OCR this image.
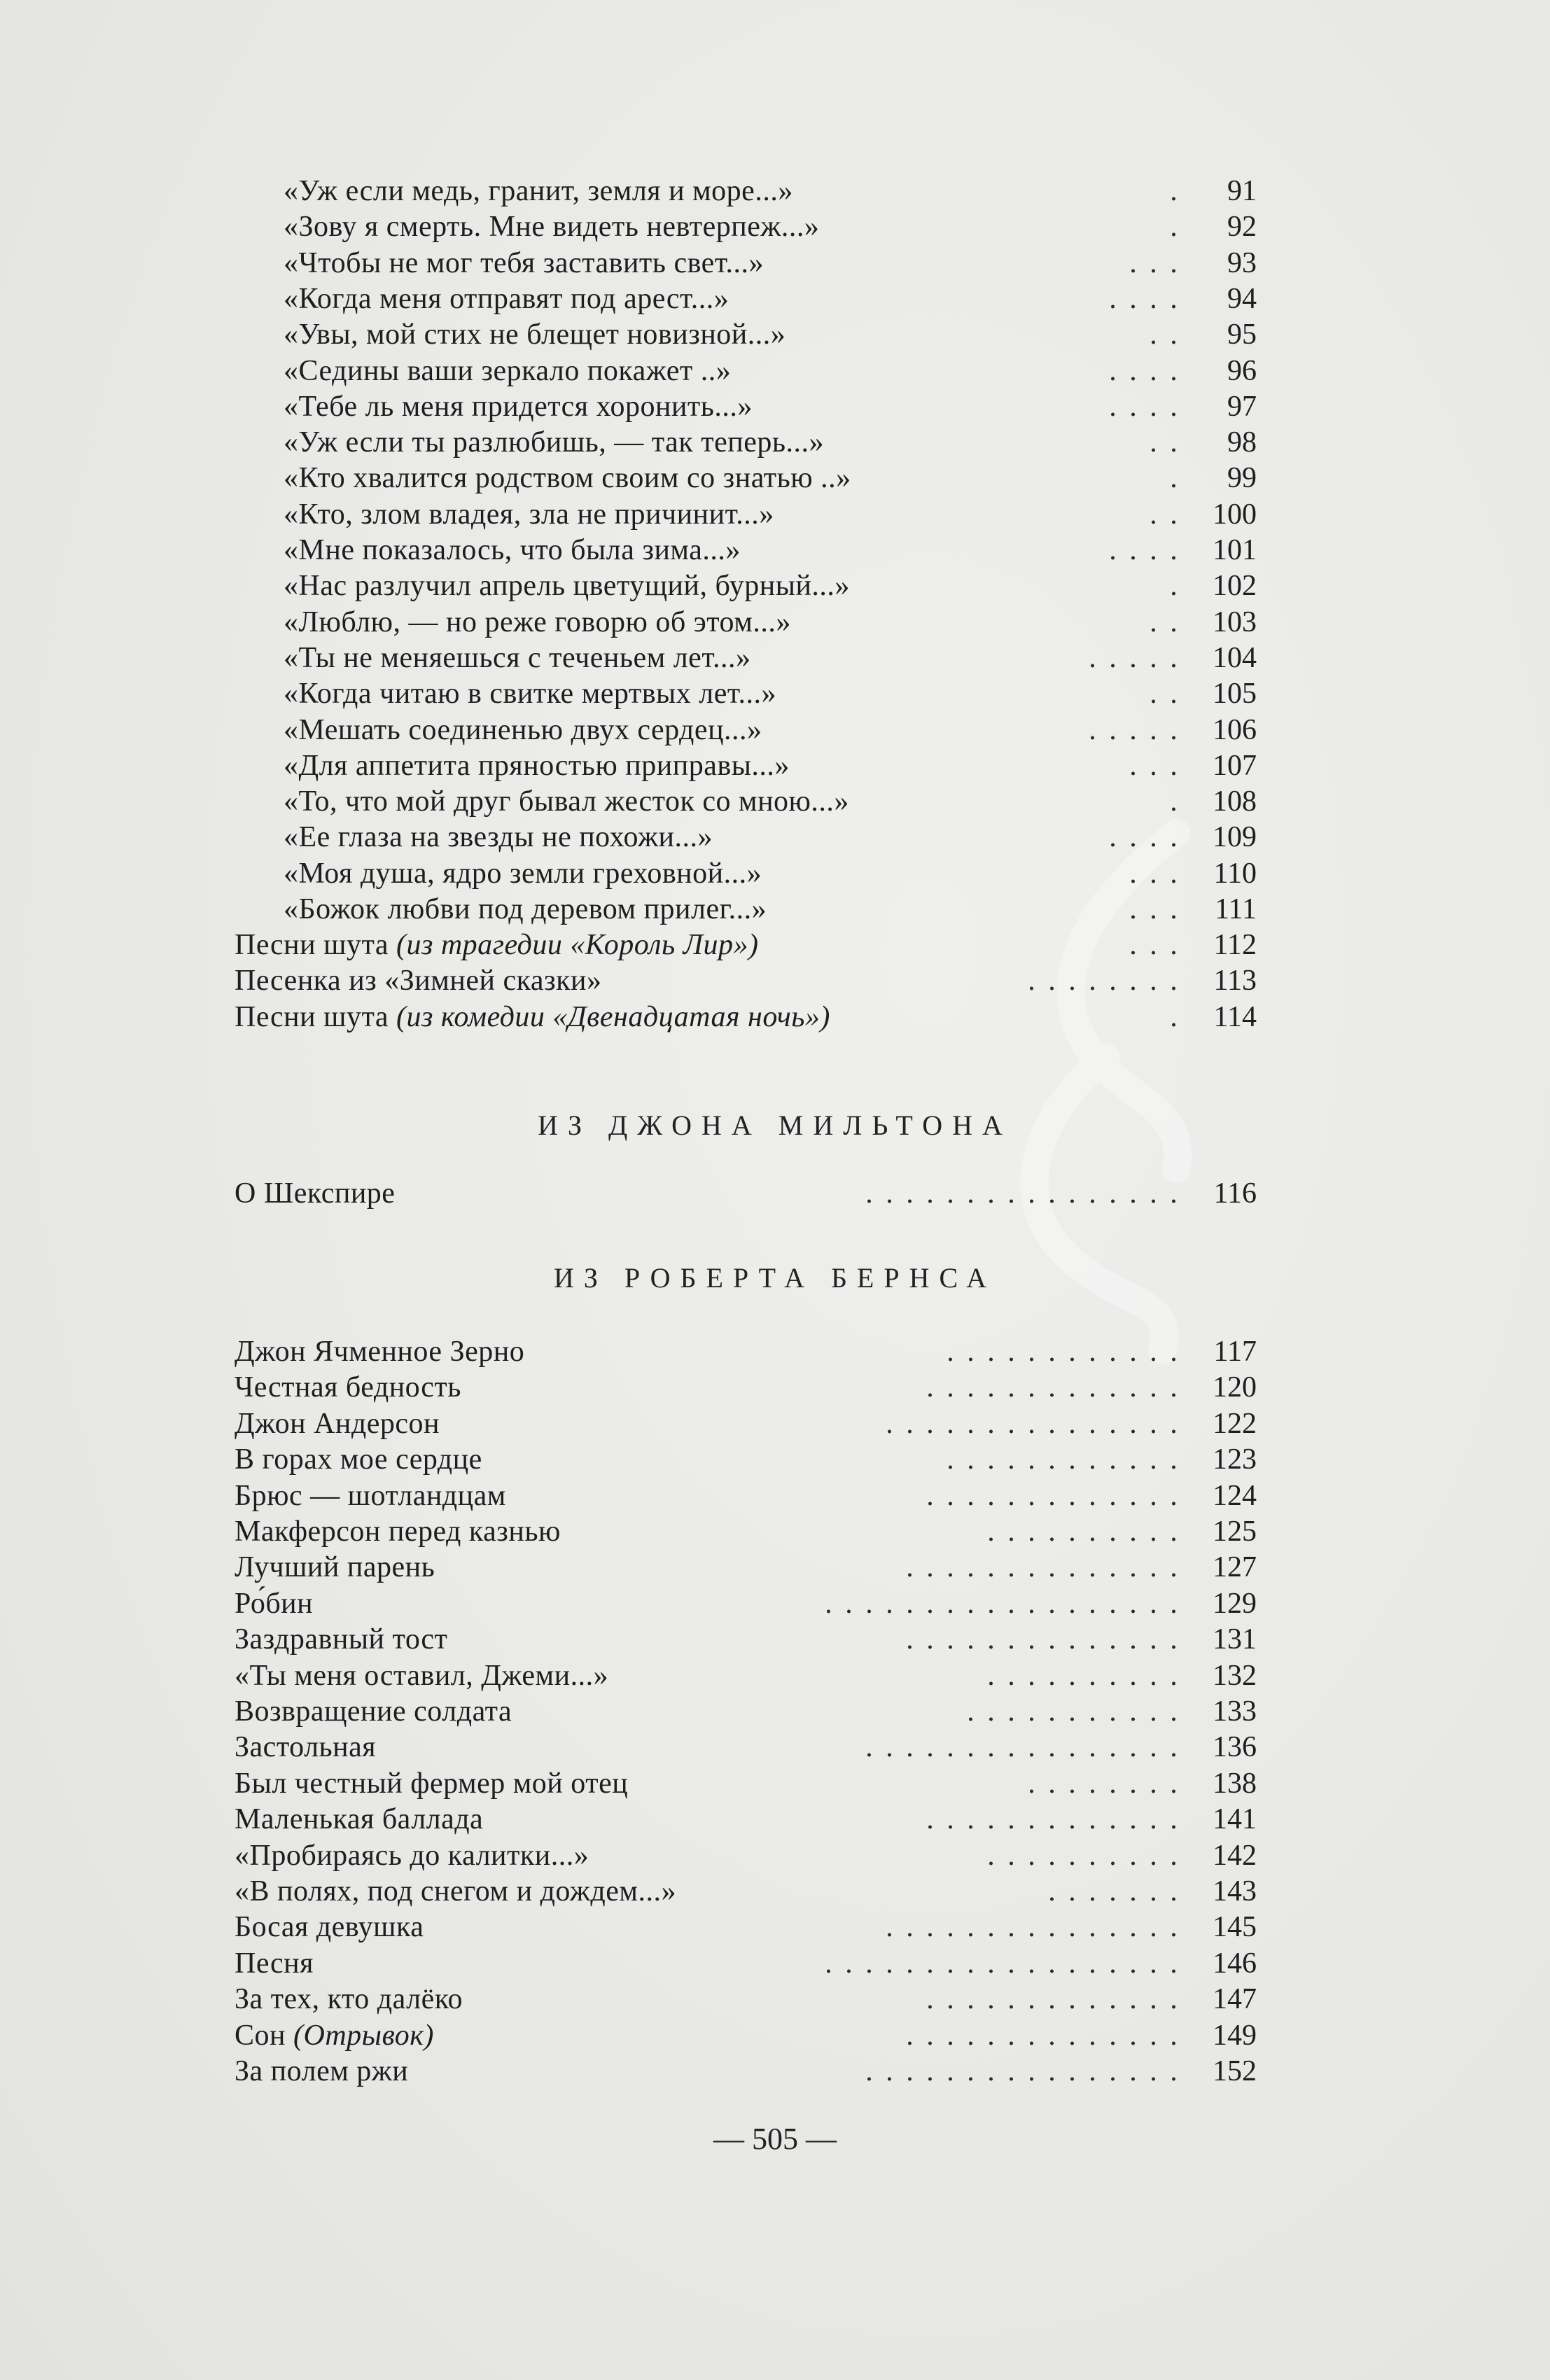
«Уж если медь, гранит, земля и море...»	.	91
«Зову я смерть. Мне видеть невтерпеж...»	.	92
«Чтобы не мог тебя заставить свет...»	. . .	93
«Когда меня отправят под арест...»	. . . .	94
«Увы, мой стих не блещет новизной...»	. .	95
«Седины ваши зеркало покажет ..»	. . . .	96
«Тебе ль меня придется хоронить...»	. . . .	97
«Уж если ты разлюбишь, — так теперь...»	. .	98
«Кто хвалится родством своим со знатью ..»	.	99
«Кто, злом владея, зла не причинит...»	. .	100
«Мне показалось, что была зима...»	. . . .	101
«Нас разлучил апрель цветущий, бурный...»	.	102
«Люблю, — но реже говорю об этом...»	. .	103
«Ты не меняешься с теченьем лет...»	. . . . .	104
«Когда читаю в свитке мертвых лет...»	. .	105
«Мешать соединенью двух сердец...»	. . . . .	106
«Для аппетита пряностью приправы...»	. . .	107
«То, что мой друг бывал жесток со мною...»	.	108
«Ее глаза на звезды не похожи...»	. . . .	109
«Моя душа, ядро земли греховной...»	. . .	110
«Божок любви под деревом прилег...»	. . .	111
Песни шута (из трагедии «Король Лир»)	. . .	112
Песенка из «Зимней сказки»	. . . . . . . .	113
Песни шута (из комедии «Двенадцатая ночь»)	.	114
ИЗ ДЖОНА МИЛЬТОНА
О Шекспире	. . . . . . . . . . . . . . . .	116
ИЗ РОБЕРТА БЕРНСА
Джон Ячменное Зерно	. . . . . . . . . . . .	117
Честная бедность	. . . . . . . . . . . . .	120
Джон Андерсон	. . . . . . . . . . . . . . .	122
В горах мое сердце	. . . . . . . . . . . .	123
Брюс — шотландцам	. . . . . . . . . . . . .	124
Макферсон перед казнью	. . . . . . . . . .	125
Лучший парень	. . . . . . . . . . . . . .	127
Ро́бин	. . . . . . . . . . . . . . . . . .	129
Заздравный тост	. . . . . . . . . . . . . .	131
«Ты меня оставил, Джеми...»	. . . . . . . . . .	132
Возвращение солдата	. . . . . . . . . . .	133
Застольная	. . . . . . . . . . . . . . . .	136
Был честный фермер мой отец	. . . . . . . .	138
Маленькая баллада	. . . . . . . . . . . . .	141
«Пробираясь до калитки...»	. . . . . . . . . .	142
«В полях, под снегом и дождем...»	. . . . . . .	143
Босая девушка	. . . . . . . . . . . . . . .	145
Песня	. . . . . . . . . . . . . . . . . .	146
За тех, кто далёко	. . . . . . . . . . . . .	147
Сон (Отрывок)	. . . . . . . . . . . . . .	149
За полем ржи	. . . . . . . . . . . . . . . .	152
— 505 —
